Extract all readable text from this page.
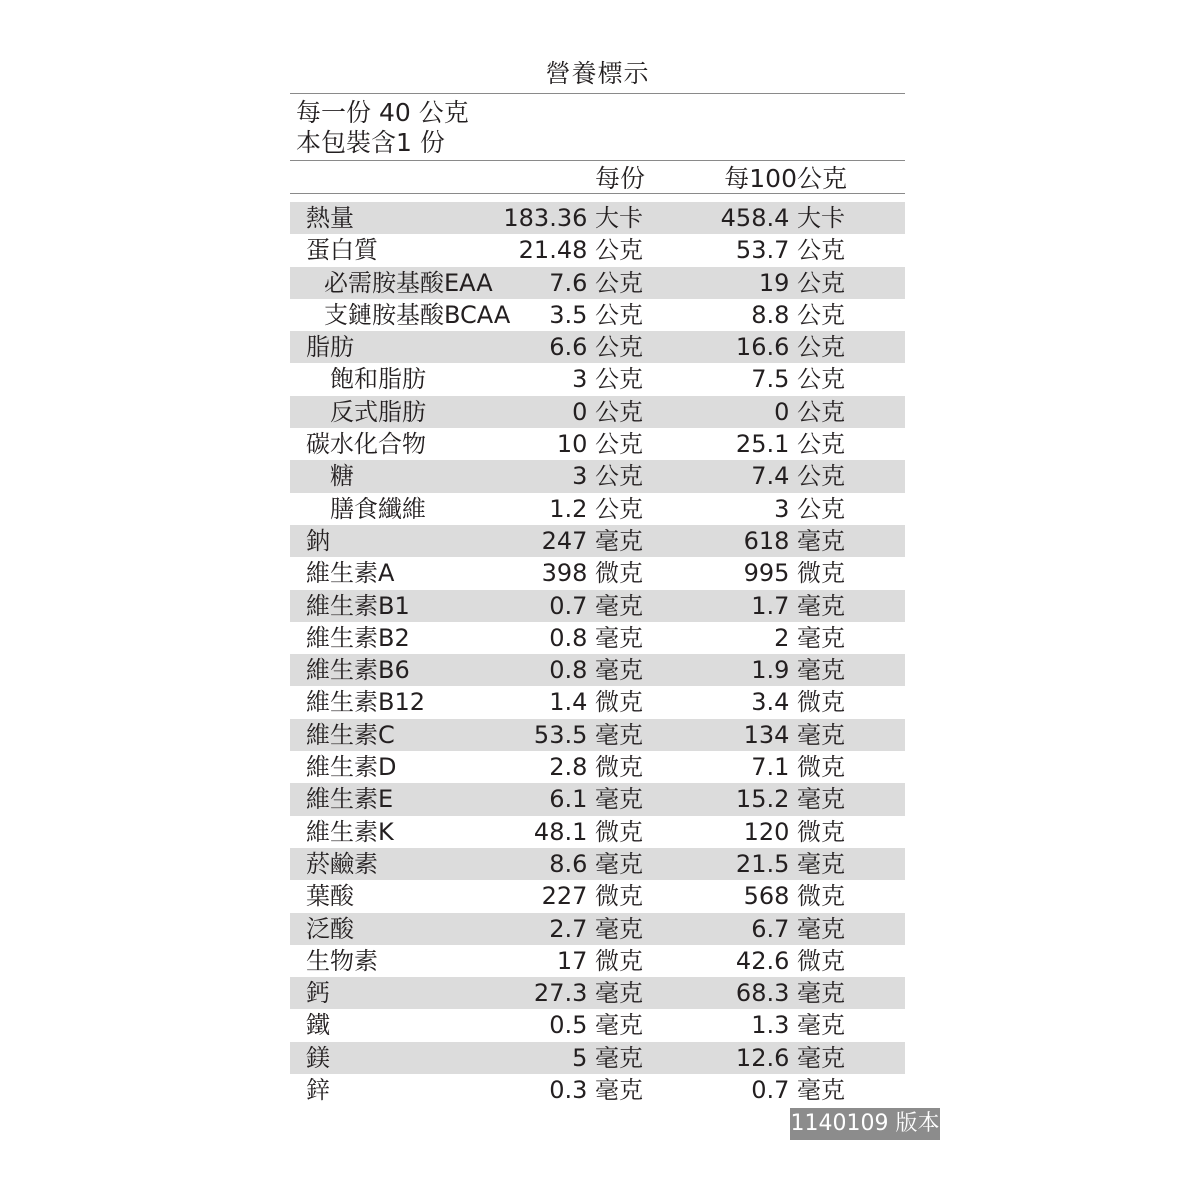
營養標示
每一份 40 公克
本包裝含1 份
每份	每100公克
熱量	183.36 大卡	458.4 大卡
蛋白質	21.48 公克	53.7 公克
必需胺基酸EAA 7.6 公克	19 公克
支鏈胺基酸BCAA 3.5 公克	8.8 公克
脂肪	6.6 公克	16.6 公克
飽和脂肪	3 公克	7.5 公克
反式脂肪	0 公克	0 公克
碳水化合物	10 公克	25.1 公克
糖	3 公克	7.4 公克
膳食纖維	1.2 公克	3 公克
鈉	247 毫克	618 毫克
維生素A	398 微克	995 微克
維生素B1	0.7 毫克	1.7 毫克
維生素B2	0.8 毫克	2 毫克
維生素B6	0.8 毫克	1.9 毫克
維生素B12	1.4 微克	3.4 微克
維生素C	53.5 毫克	134 毫克
維生素D	2.8 微克	7.1 微克
維生素E	6.1 毫克	15.2 毫克
維生素K	48.1 微克	120 微克
菸鹼素	8.6 毫克	21.5 毫克
葉酸	227 微克	568 微克
泛酸	2.7 毫克	6.7 毫克
生物素	17 微克	42.6 微克
鈣	27.3 毫克	68.3 毫克
鐵	0.5 毫克	1.3 毫克
鎂	5 毫克	12.6 毫克
鋅	0.3 毫克	0.7 毫克
1140109 版本
